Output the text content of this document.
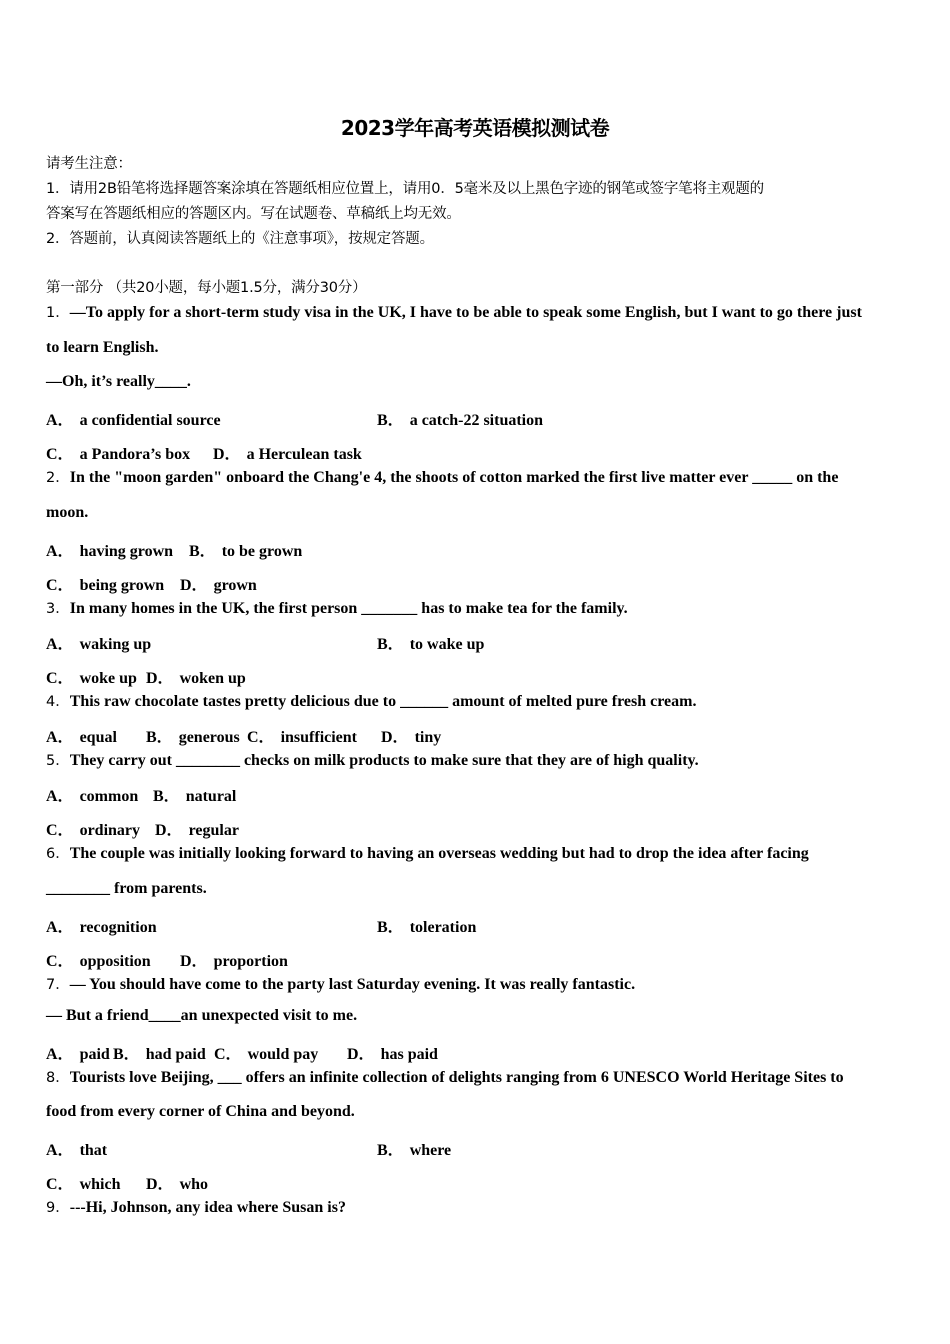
2023学年高考英语模拟测试卷
请考生注意：
1．请用2B铅笔将选择题答案涂填在答题纸相应位置上，请用0．5毫米及以上黑色字迹的钢笔或签字笔将主观题的
答案写在答题纸相应的答题区内。写在试题卷、草稿纸上均无效。
2．答题前，认真阅读答题纸上的《注意事项》，按规定答题。
第一部分 （共20小题，每小题1.5分，满分30分）
1．—To apply for a short-term study visa in the UK, I have to be able to speak some English, but I want to go there just
to learn English.
—Oh, it’s really____.
A． a confidential source	B． a catch-22 situation
C． a Pandora’s box D． a Herculean task
2．In the "moon garden" onboard the Chang'e 4, the shoots of cotton marked the first live matter ever _____ on the
moon.
A． having grown B． to be grown
C． being grown D． grown
3．In many homes in the UK, the first person _______ has to make tea for the family.
A． waking up	B． to wake up
C． woke up D． woken up
4．This raw chocolate tastes pretty delicious due to ______ amount of melted pure fresh cream.
A． equal B． generous C． insufficient D． tiny
5．They carry out ________ checks on milk products to make sure that they are of high quality.
A． common B． natural
C． ordinary D． regular
6．The couple was initially looking forward to having an overseas wedding but had to drop the idea after facing
________ from parents.
A． recognition	B． toleration
C． opposition D． proportion
7．— You should have come to the party last Saturday evening. It was really fantastic.
— But a friend____an unexpected visit to me.
A． paid B． had paid C． would pay D． has paid
8．Tourists love Beijing, ___ offers an infinite collection of delights ranging from 6 UNESCO World Heritage Sites to
food from every corner of China and beyond.
A． that	B． where
C． which D． who
9．---Hi, Johnson, any idea where Susan is?
